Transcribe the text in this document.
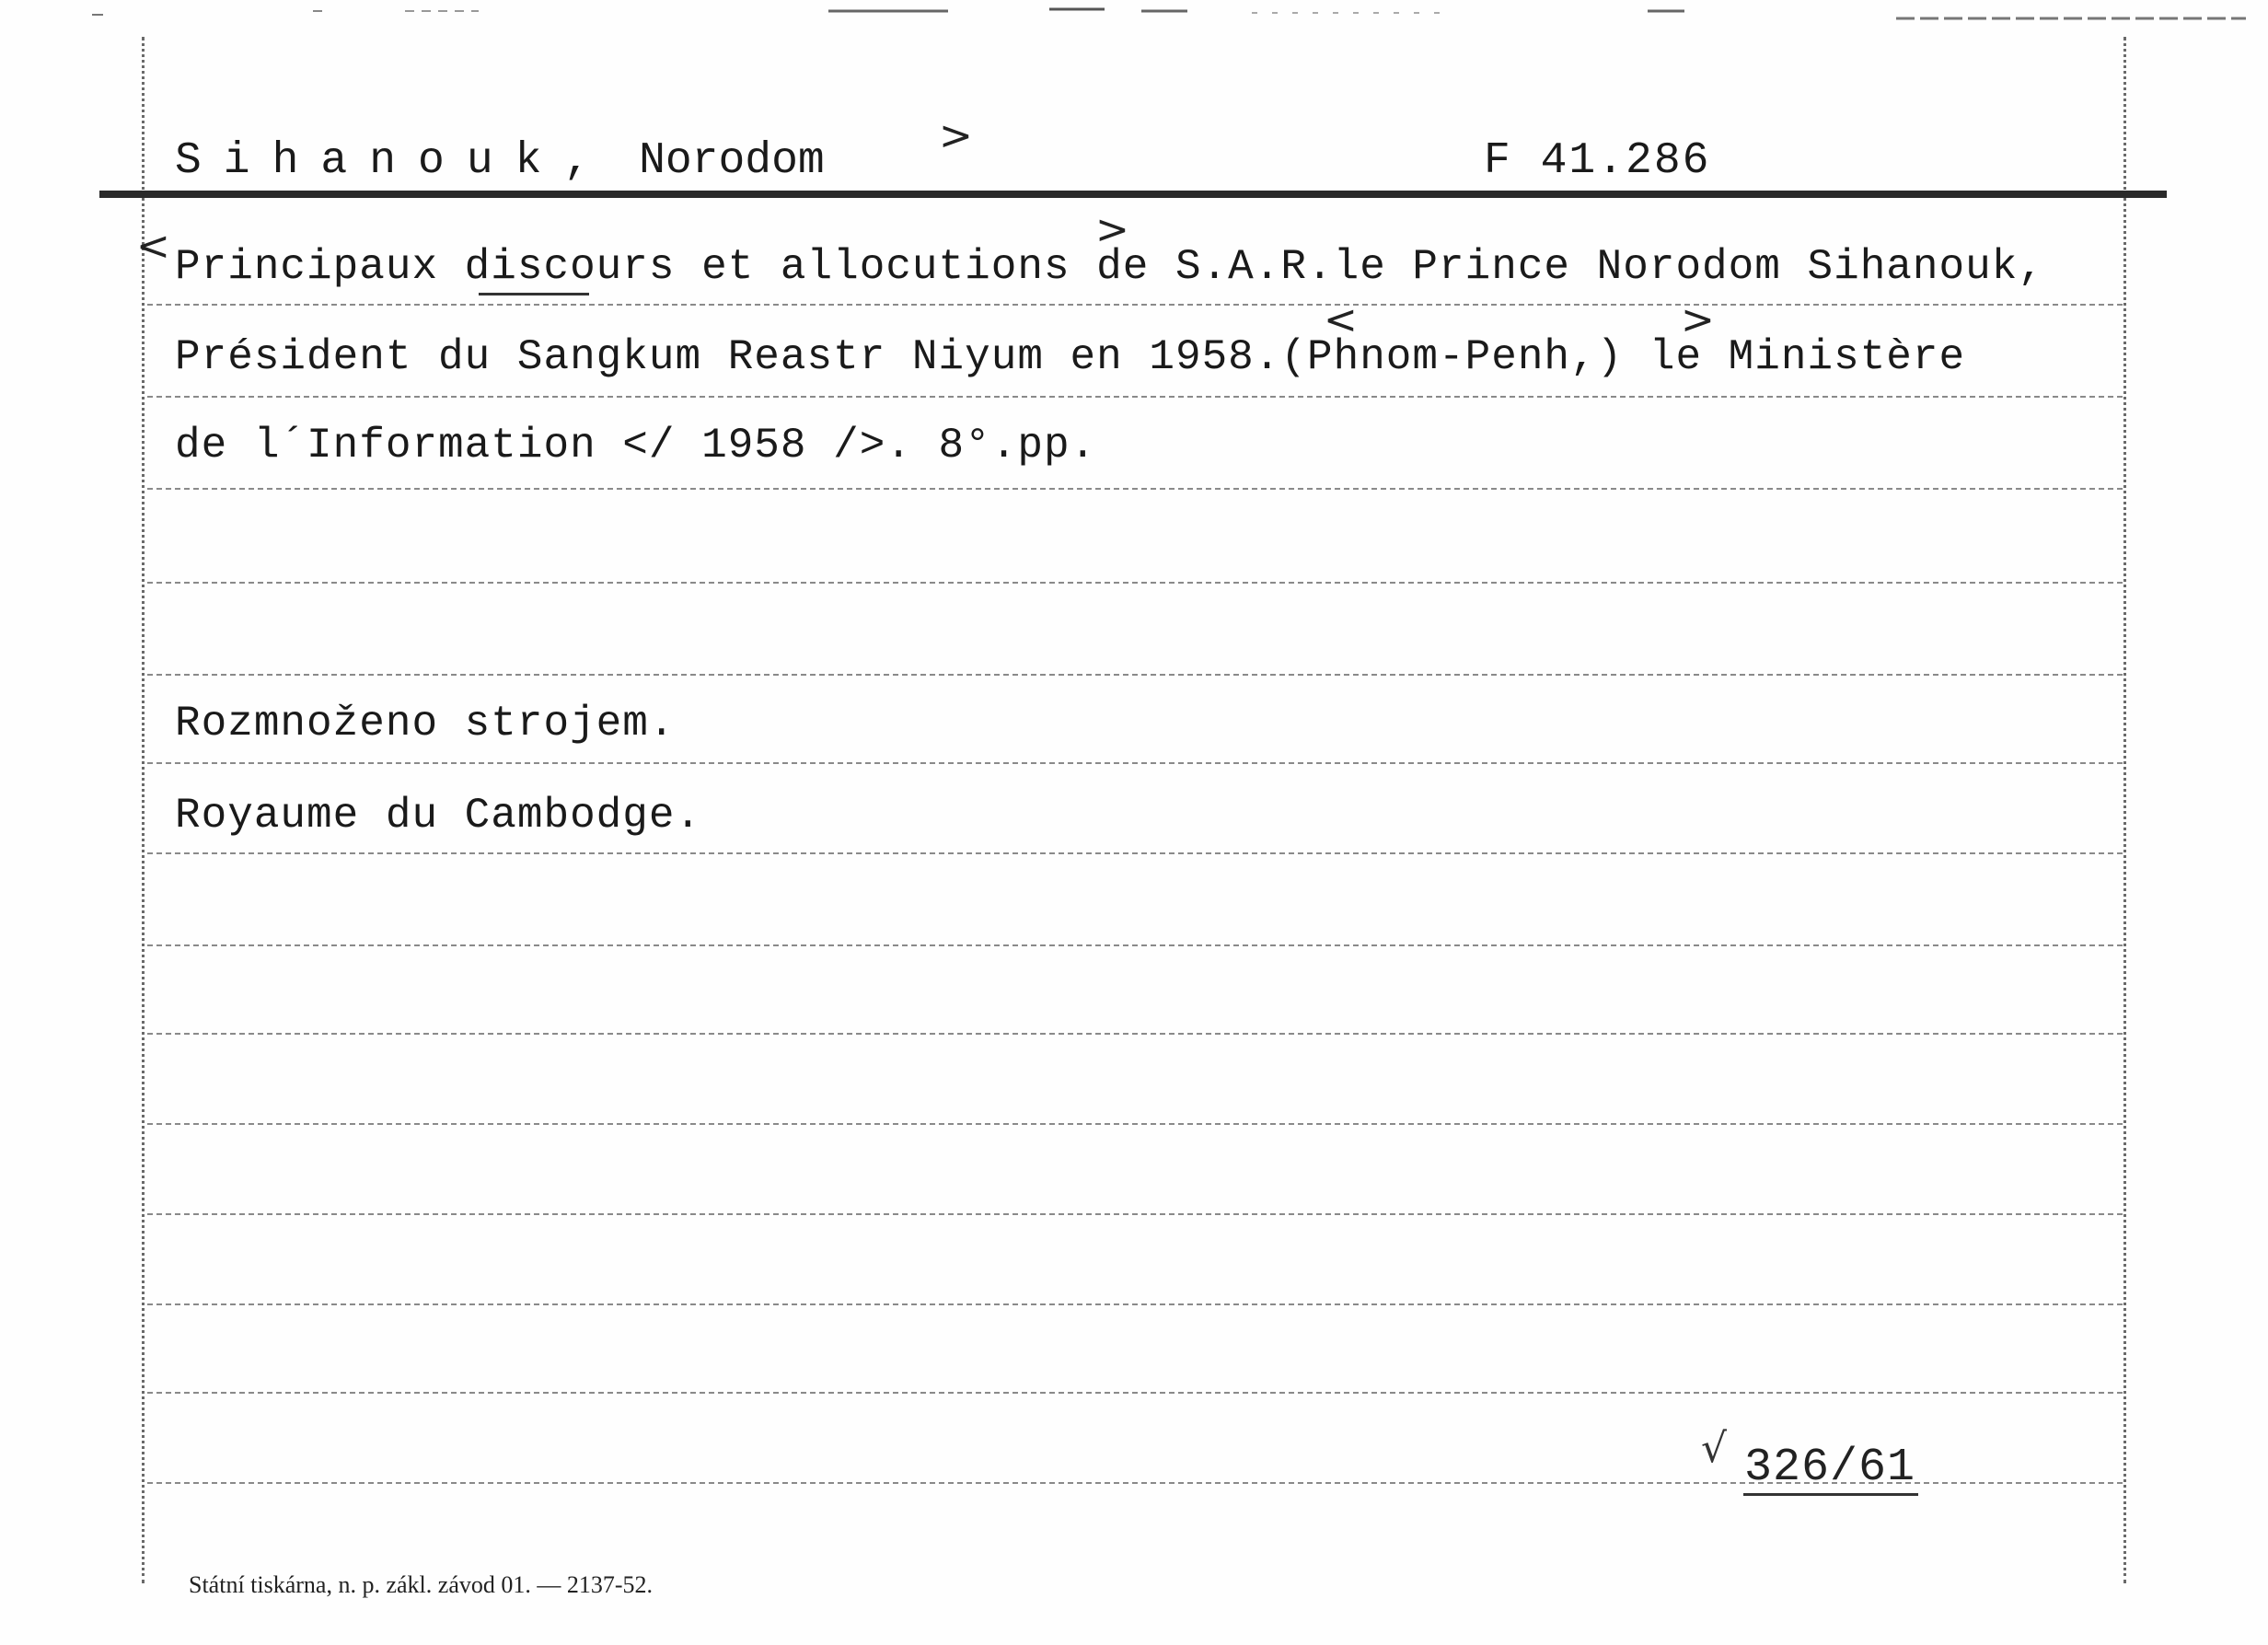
Sihanouk, Norodom
>
F 41.286
< Principaux discours et allocutions de S.A.R.le Prince Norodom Sihanouk,
>
Président du Sangkum Reastr Niyum en 1958.(Phnom-Penh,) le Ministère
<	>
de l´Information </ 1958 />. 8°.pp.
Rozmnoženo strojem.
Royaume du Cambodge.
√ 326/61
Státní tiskárna, n. p. zákl. závod 01. — 2137-52.
